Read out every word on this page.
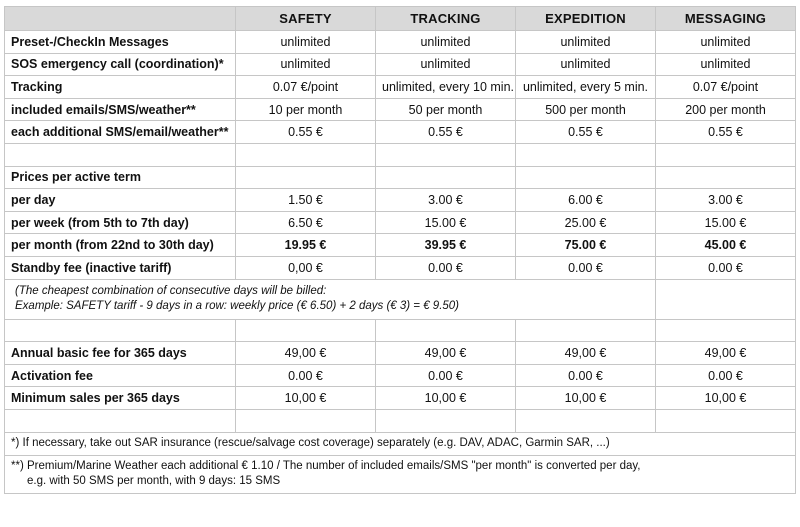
	SAFETY	TRACKING	EXPEDITION	MESSAGING
Preset-/CheckIn Messages	unlimited	unlimited	unlimited	unlimited
SOS emergency call (coordination)*	unlimited	unlimited	unlimited	unlimited
Tracking	0.07 €/point	unlimited, every 10 min.	unlimited, every 5 min.	0.07 €/point
included emails/SMS/weather**	10 per month	50 per month	500 per month	200 per month
each additional SMS/email/weather**	0.55 €	0.55 €	0.55 €	0.55 €

Prices per active term				
per day	1.50 €	3.00 €	6.00 €	3.00 €
per week (from 5th to 7th day)	6.50 €	15.00 €	25.00 €	15.00 €
per month (from 22nd to 30th day)	19.95 €	39.95 €	75.00 €	45.00 €
Standby fee (inactive tariff)	0,00 €	0.00 €	0.00 €	0.00 €
(The cheapest combination of consecutive days will be billed:
Example: SAFETY tariff - 9 days in a row: weekly price (€ 6.50) + 2 days (€ 3) = € 9.50)				

Annual basic fee for 365 days	49,00 €	49,00 €	49,00 €	49,00 €
Activation fee	0.00 €	0.00 €	0.00 €	0.00 €
Minimum sales per 365 days	10,00 €	10,00 €	10,00 €	10,00 €

*) If necessary, take out SAR insurance (rescue/salvage cost coverage) separately (e.g. DAV, ADAC, Garmin SAR, ...)				
**) Premium/Marine Weather each additional € 1.10 / The number of included emails/SMS "per month" is converted per day,
e.g. with 50 SMS per month, with 9 days: 15 SMS				
